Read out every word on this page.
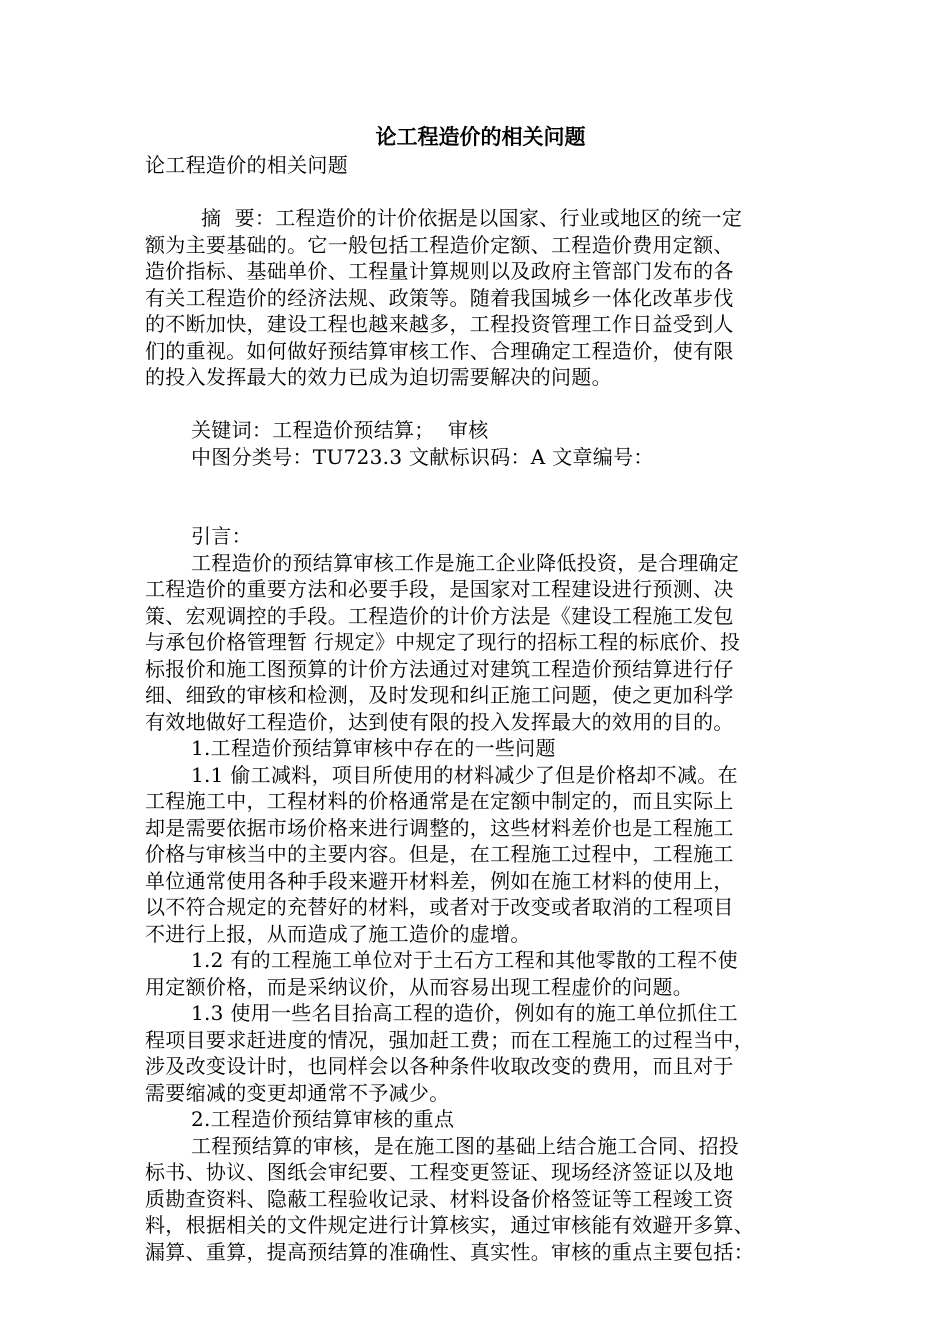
论工程造价的相关问题

论工程造价的相关问题

摘  要：工程造价的计价依据是以国家、行业或地区的统一定

额为主要基础的。它一般包括工程造价定额、工程造价费用定额、

造价指标、基础单价、工程量计算规则以及政府主管部门发布的各

有关工程造价的经济法规、政策等。随着我国城乡一体化改革步伐

的不断加快，建设工程也越来越多，工程投资管理工作日益受到人

们的重视。如何做好预结算审核工作、合理确定工程造价，使有限

的投入发挥最大的效力已成为迫切需要解决的问题。

关键词：工程造价预结算；  审核

中图分类号：TU723.3 文献标识码：A 文章编号：

引言：

工程造价的预结算审核工作是施工企业降低投资，是合理确定

工程造价的重要方法和必要手段，是国家对工程建设进行预测、决

策、宏观调控的手段。工程造价的计价方法是《建设工程施工发包

与承包价格管理暂 行规定》中规定了现行的招标工程的标底价、投

标报价和施工图预算的计价方法通过对建筑工程造价预结算进行仔

细、细致的审核和检测，及时发现和纠正施工问题，使之更加科学

有效地做好工程造价，达到使有限的投入发挥最大的效用的目的。

1.工程造价预结算审核中存在的一些问题

1.1 偷工减料，项目所使用的材料减少了但是价格却不减。在

工程施工中，工程材料的价格通常是在定额中制定的，而且实际上

却是需要依据市场价格来进行调整的，这些材料差价也是工程施工

价格与审核当中的主要内容。但是，在工程施工过程中，工程施工

单位通常使用各种手段来避开材料差，例如在施工材料的使用上，

以不符合规定的充替好的材料，或者对于改变或者取消的工程项目

不进行上报，从而造成了施工造价的虚增。

1.2 有的工程施工单位对于土石方工程和其他零散的工程不使

用定额价格，而是采纳议价，从而容易出现工程虚价的问题。

1.3 使用一些名目抬高工程的造价，例如有的施工单位抓住工

程项目要求赶进度的情况，强加赶工费；而在工程施工的过程当中，

涉及改变设计时，也同样会以各种条件收取改变的费用，而且对于

需要缩减的变更却通常不予减少。

2.工程造价预结算审核的重点

工程预结算的审核，是在施工图的基础上结合施工合同、招投

标书、协议、图纸会审纪要、工程变更签证、现场经济签证以及地

质勘查资料、隐蔽工程验收记录、材料设备价格签证等工程竣工资

料，根据相关的文件规定进行计算核实，通过审核能有效避开多算、

漏算、重算，提高预结算的准确性、真实性。审核的重点主要包括：
